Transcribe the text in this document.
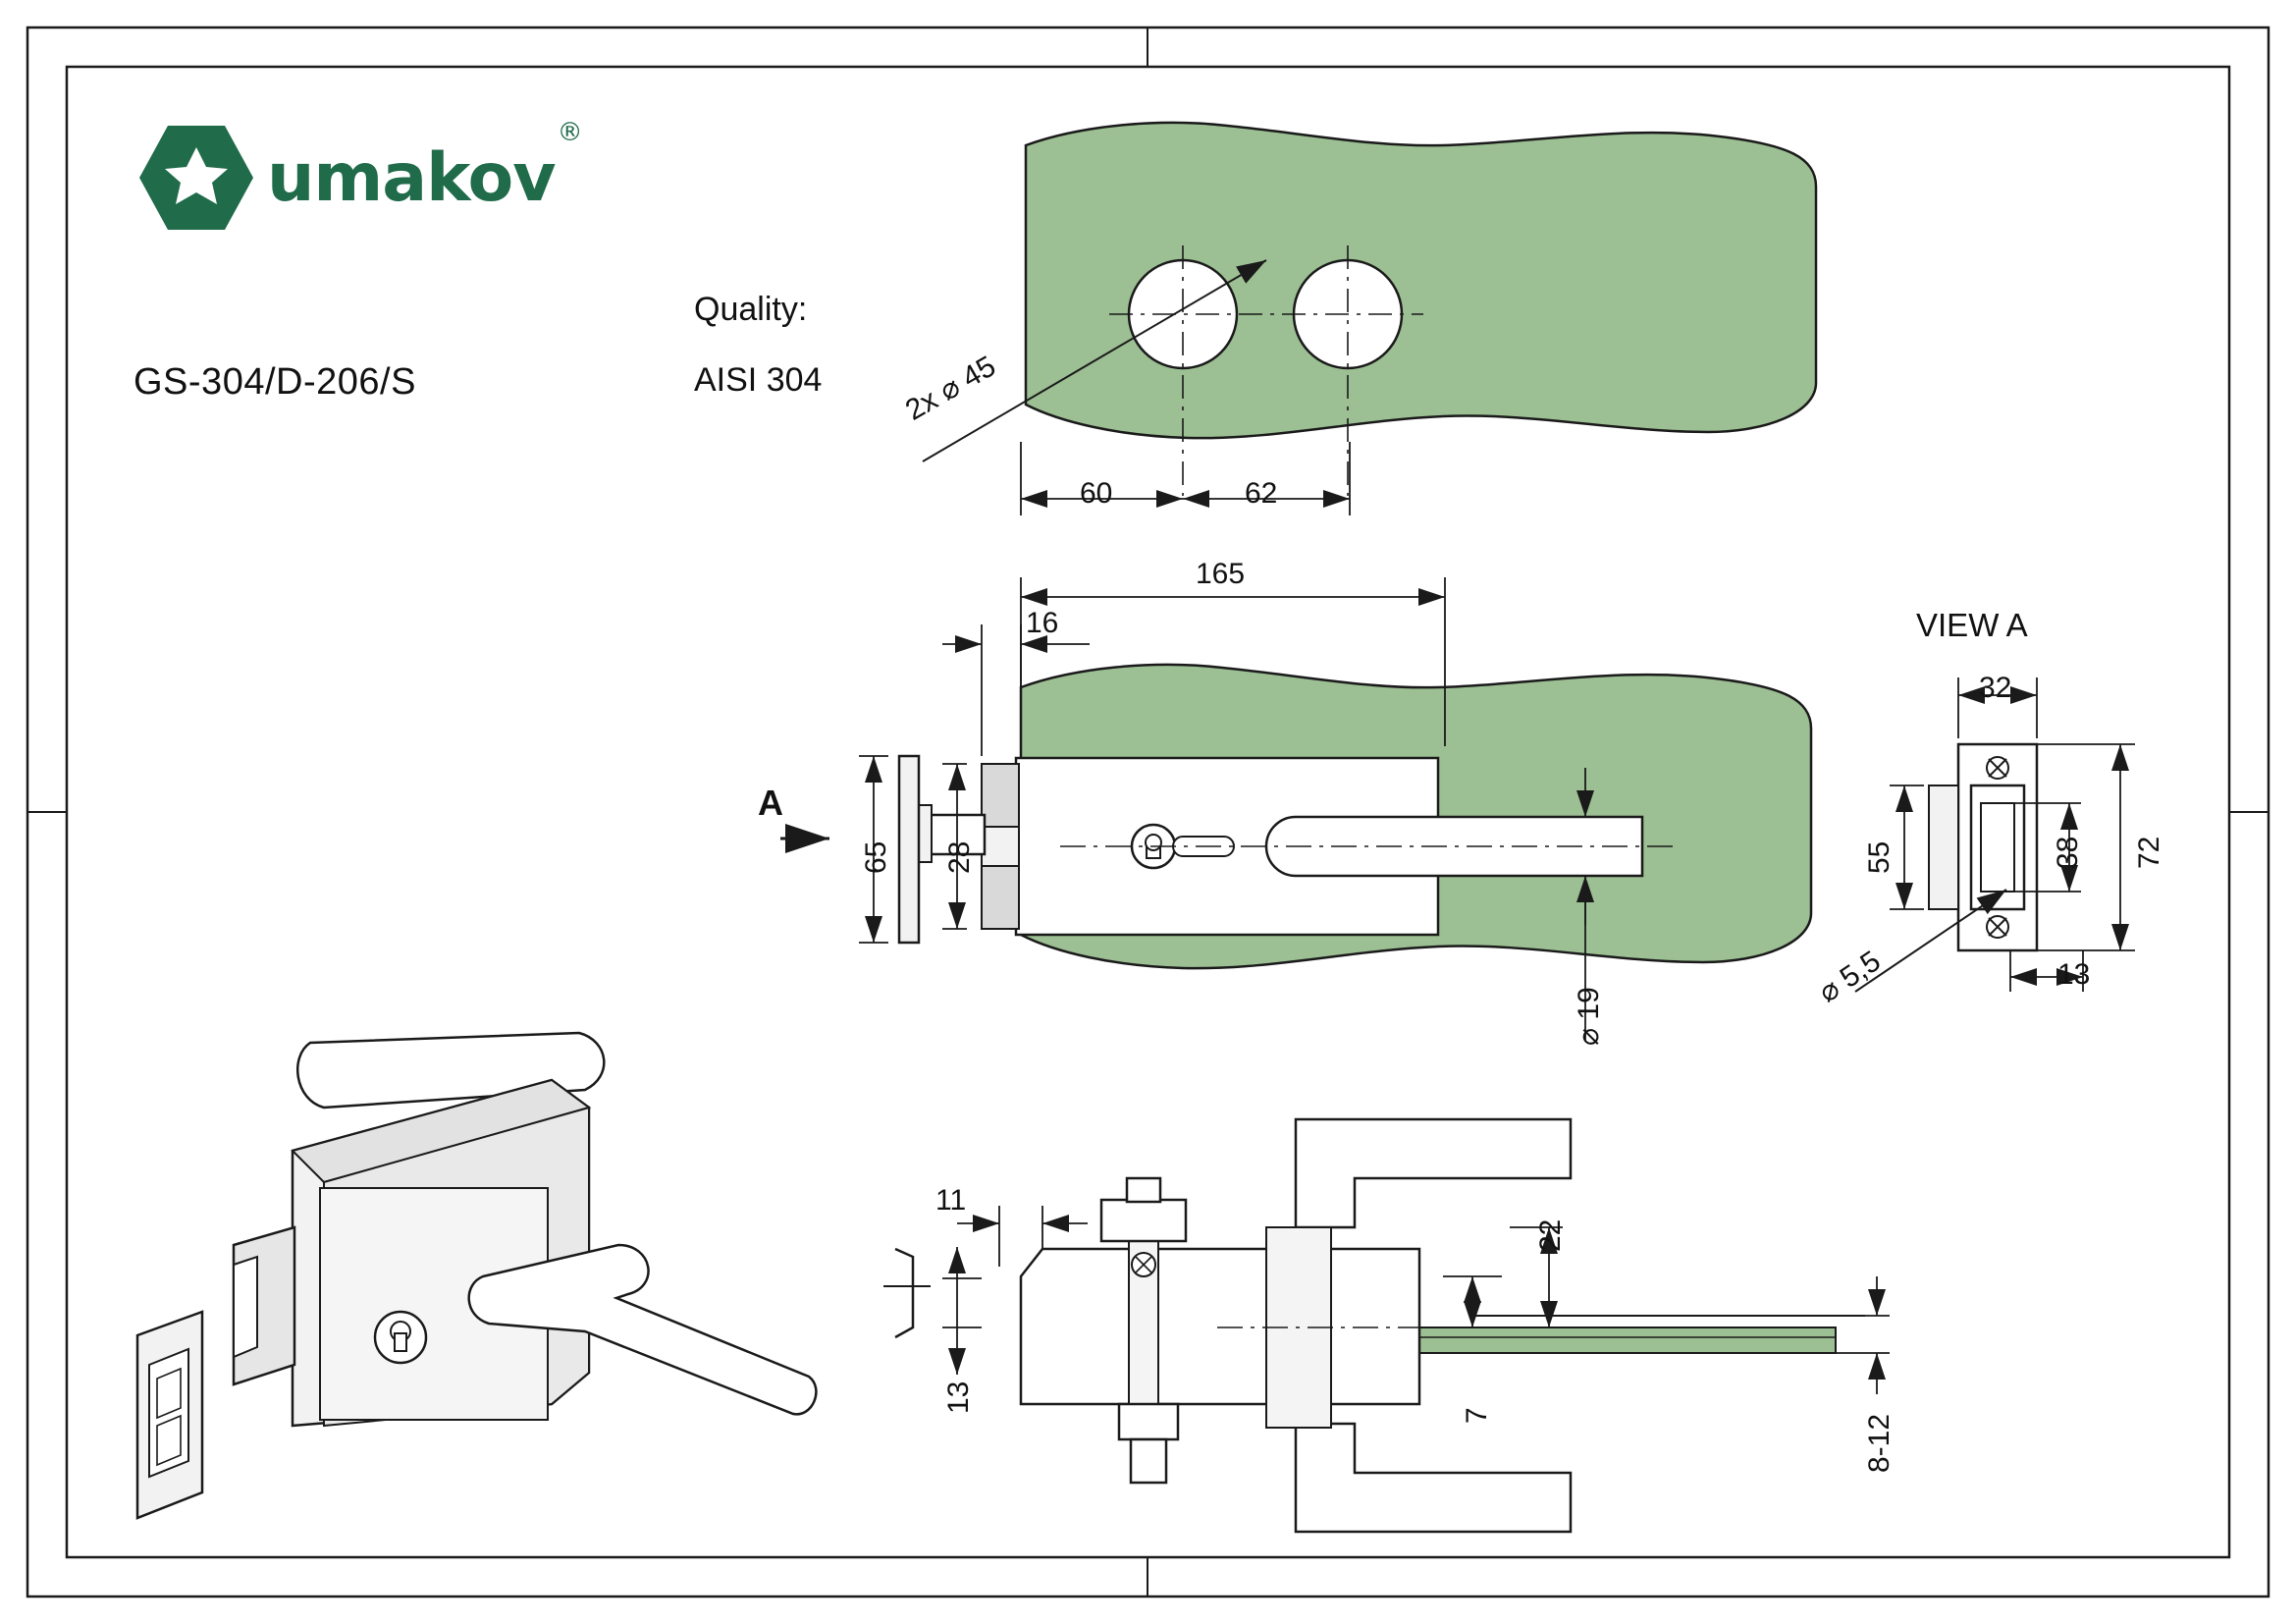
umakov®
GS-304/D-206/S
Quality:
AISI 304	2x ⌀ 45
60	62
165
16
65 28
⌀ 19
A
VIEW A
32
55	38 72
⌀ 5,5	13
11
13
22
7	8-12
